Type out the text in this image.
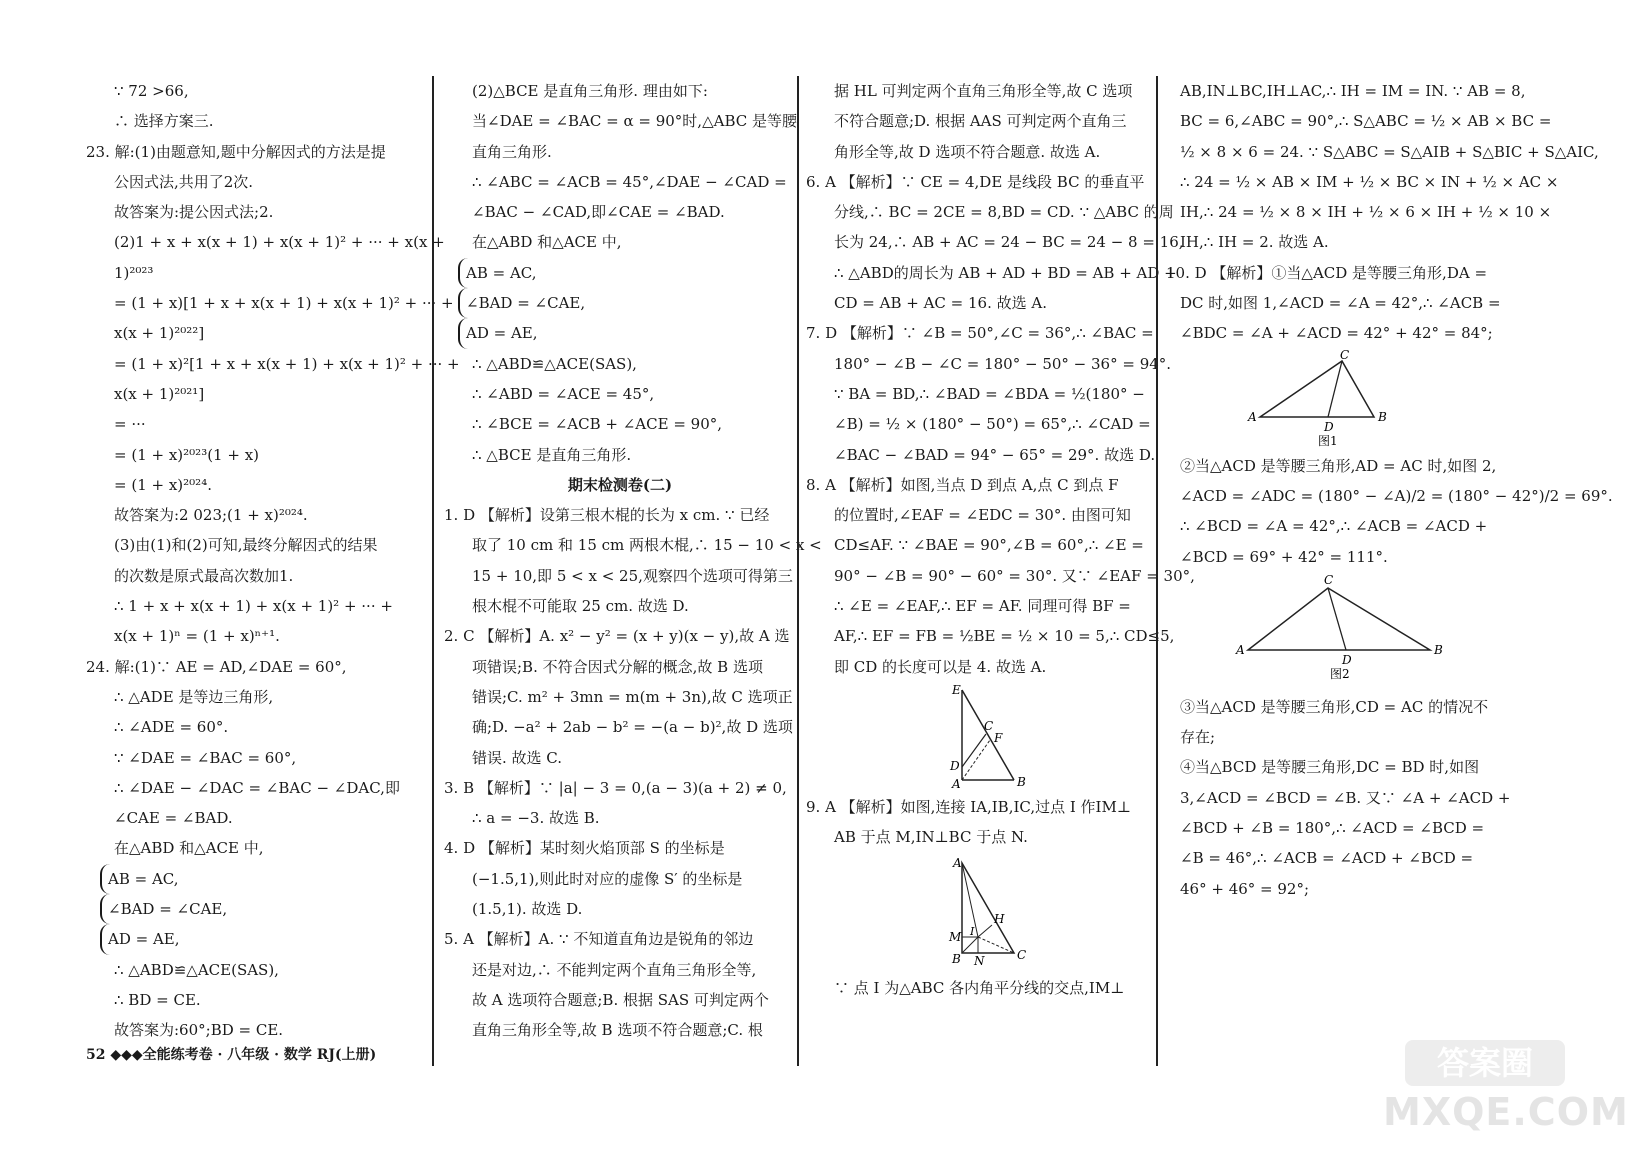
∵ 72 >66,
∴ 选择方案三.
23. 解:(1)由题意知,题中分解因式的方法是提
公因式法,共用了2次.
故答案为:提公因式法;2.
(2)1 + x + x(x + 1) + x(x + 1)² + ··· + x(x +
1)²⁰²³
= (1 + x)[1 + x + x(x + 1) + x(x + 1)² + ··· +
x(x + 1)²⁰²²]
= (1 + x)²[1 + x + x(x + 1) + x(x + 1)² + ··· +
x(x + 1)²⁰²¹]
= ···
= (1 + x)²⁰²³(1 + x)
= (1 + x)²⁰²⁴.
故答案为:2 023;(1 + x)²⁰²⁴.
(3)由(1)和(2)可知,最终分解因式的结果
的次数是原式最高次数加1.
∴ 1 + x + x(x + 1) + x(x + 1)² + ··· +
x(x + 1)ⁿ = (1 + x)ⁿ⁺¹.
24. 解:(1)∵ AE = AD,∠DAE = 60°,
∴ △ADE 是等边三角形,
∴ ∠ADE = 60°.
∵ ∠DAE = ∠BAC = 60°,
∴ ∠DAE − ∠DAC = ∠BAC − ∠DAC,即
∠CAE = ∠BAD.
在△ABD 和△ACE 中,
AB = AC,
∠BAD = ∠CAE,
AD = AE,
∴ △ABD≌△ACE(SAS),
∴ BD = CE.
故答案为:60°;BD = CE.
(2)△BCE 是直角三角形. 理由如下:
当∠DAE = ∠BAC = α = 90°时,△ABC 是等腰
直角三角形.
∴ ∠ABC = ∠ACB = 45°,∠DAE − ∠CAD =
∠BAC − ∠CAD,即∠CAE = ∠BAD.
在△ABD 和△ACE 中,
AB = AC,
∠BAD = ∠CAE,
AD = AE,
∴ △ABD≌△ACE(SAS),
∴ ∠ABD = ∠ACE = 45°,
∴ ∠BCE = ∠ACB + ∠ACE = 90°,
∴ △BCE 是直角三角形.
期末检测卷(二)
1. D 【解析】设第三根木棍的长为 x cm. ∵ 已经
取了 10 cm 和 15 cm 两根木棍,∴ 15 − 10 < x <
15 + 10,即 5 < x < 25,观察四个选项可得第三
根木棍不可能取 25 cm. 故选 D.
2. C 【解析】A. x² − y² = (x + y)(x − y),故 A 选
项错误;B. 不符合因式分解的概念,故 B 选项
错误;C. m² + 3mn = m(m + 3n),故 C 选项正
确;D. −a² + 2ab − b² = −(a − b)²,故 D 选项
错误. 故选 C.
3. B 【解析】∵ |a| − 3 = 0,(a − 3)(a + 2) ≠ 0,
∴ a = −3. 故选 B.
4. D 【解析】某时刻火焰顶部 S 的坐标是
(−1.5,1),则此时对应的虚像 S′ 的坐标是
(1.5,1). 故选 D.
5. A 【解析】A. ∵ 不知道直角边是锐角的邻边
还是对边,∴ 不能判定两个直角三角形全等,
故 A 选项符合题意;B. 根据 SAS 可判定两个
直角三角形全等,故 B 选项不符合题意;C. 根
据 HL 可判定两个直角三角形全等,故 C 选项
不符合题意;D. 根据 AAS 可判定两个直角三
角形全等,故 D 选项不符合题意. 故选 A.
6. A 【解析】∵ CE = 4,DE 是线段 BC 的垂直平
分线,∴ BC = 2CE = 8,BD = CD. ∵ △ABC 的周
长为 24,∴ AB + AC = 24 − BC = 24 − 8 = 16,
∴ △ABD的周长为 AB + AD + BD = AB + AD +
CD = AB + AC = 16. 故选 A.
7. D 【解析】∵ ∠B = 50°,∠C = 36°,∴ ∠BAC =
180° − ∠B − ∠C = 180° − 50° − 36° = 94°.
∵ BA = BD,∴ ∠BAD = ∠BDA = ½(180° −
∠B) = ½ × (180° − 50°) = 65°,∴ ∠CAD =
∠BAC − ∠BAD = 94° − 65° = 29°. 故选 D.
8. A 【解析】如图,当点 D 到点 A,点 C 到点 F
的位置时,∠EAF = ∠EDC = 30°. 由图可知
CD≤AF. ∵ ∠BAE = 90°,∠B = 60°,∴ ∠E =
90° − ∠B = 90° − 60° = 30°. 又∵ ∠EAF = 30°,
∴ ∠E = ∠EAF,∴ EF = AF. 同理可得 BF =
AF,∴ EF = FB = ½BE = ½ × 10 = 5,∴ CD≤5,
即 CD 的长度可以是 4. 故选 A.
E
C
F
D
A	B
9. A 【解析】如图,连接 IA,IB,IC,过点 I 作IM⊥
AB 于点 M,IN⊥BC 于点 N.
A
H
M I
B N	C
∵ 点 I 为△ABC 各内角平分线的交点,IM⊥
AB,IN⊥BC,IH⊥AC,∴ IH = IM = IN. ∵ AB = 8,
BC = 6,∠ABC = 90°,∴ S△ABC = ½ × AB × BC =
½ × 8 × 6 = 24. ∵ S△ABC = S△AIB + S△BIC + S△AIC,
∴ 24 = ½ × AB × IM + ½ × BC × IN + ½ × AC ×
IH,∴ 24 = ½ × 8 × IH + ½ × 6 × IH + ½ × 10 ×
IH,∴ IH = 2. 故选 A.
10. D 【解析】①当△ACD 是等腰三角形,DA =
DC 时,如图 1,∠ACD = ∠A = 42°,∴ ∠ACB =
∠BDC = ∠A + ∠ACD = 42° + 42° = 84°;
C
A
D
B
图1
②当△ACD 是等腰三角形,AD = AC 时,如图 2,
∠ACD = ∠ADC = (180° − ∠A)/2 = (180° − 42°)/2 = 69°.
∴ ∠BCD = ∠A = 42°,∴ ∠ACB = ∠ACD +
∠BCD = 69° + 42° = 111°.
C
A
D
B
图2
③当△ACD 是等腰三角形,CD = AC 的情况不
存在;
④当△BCD 是等腰三角形,DC = BD 时,如图
3,∠ACD = ∠BCD = ∠B. 又∵ ∠A + ∠ACD +
∠BCD + ∠B = 180°,∴ ∠ACD = ∠BCD =
∠B = 46°,∴ ∠ACB = ∠ACD + ∠BCD =
46° + 46° = 92°;
52 ◆◆◆全能练考卷 · 八年级 · 数学 RJ(上册)	答案圈
MXQE.COM
